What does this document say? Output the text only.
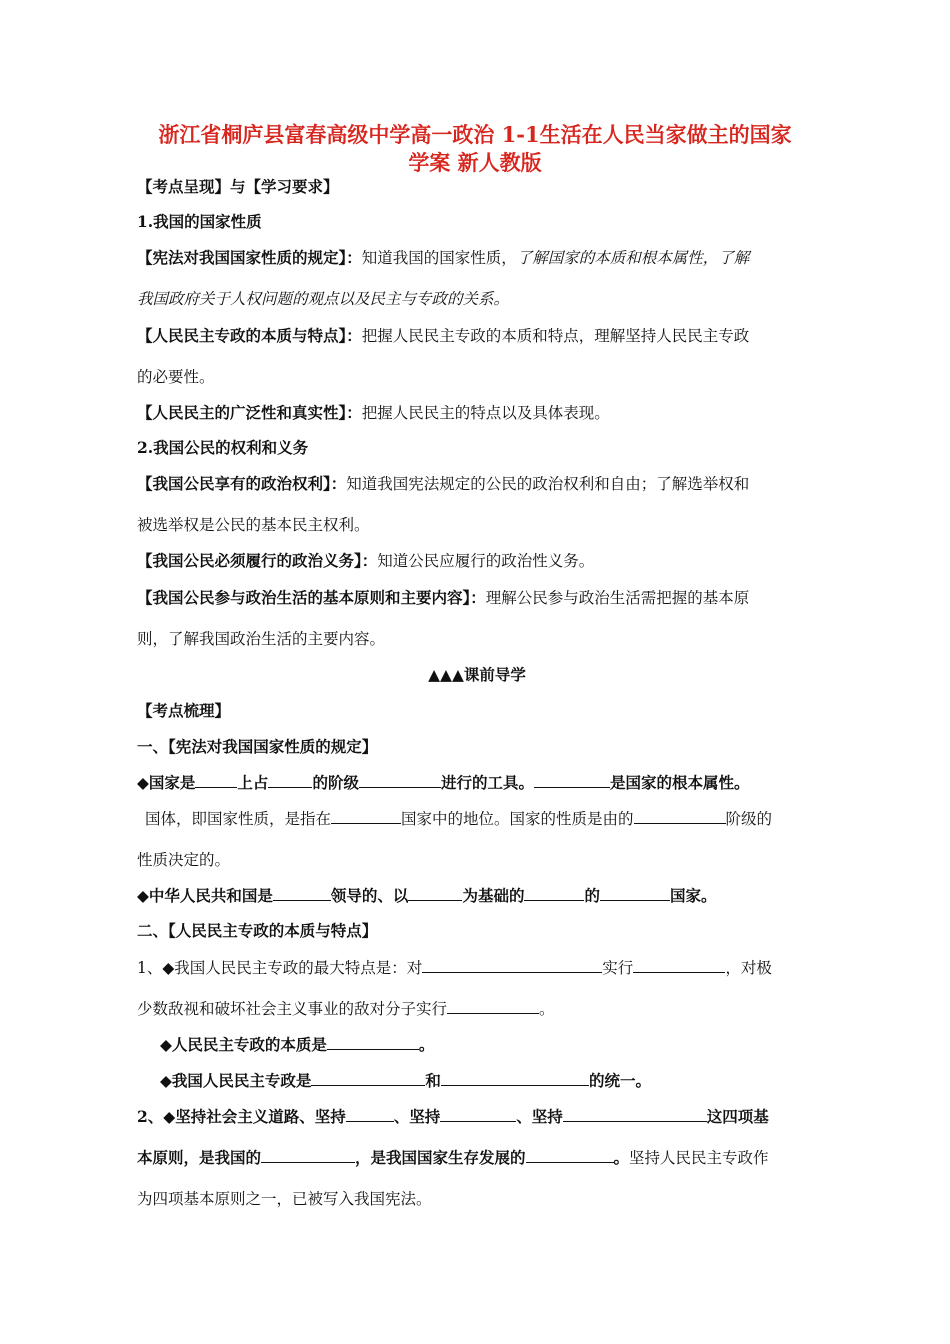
浙江省桐庐县富春高级中学高一政治 1-1生活在人民当家做主的国家
学案 新人教版
【考点呈现】与【学习要求】
1.我国的国家性质
【宪法对我国国家性质的规定】：知道我国的国家性质，了解国家的本质和根本属性，了解
我国政府关于人权问题的观点以及民主与专政的关系。
【人民民主专政的本质与特点】：把握人民民主专政的本质和特点，理解坚持人民民主专政
的必要性。
【人民民主的广泛性和真实性】：把握人民民主的特点以及具体表现。
2.我国公民的权利和义务
【我国公民享有的政治权利】：知道我国宪法规定的公民的政治权利和自由；了解选举权和
被选举权是公民的基本民主权利。
【我国公民必须履行的政治义务】：知道公民应履行的政治性义务。
【我国公民参与政治生活的基本原则和主要内容】：理解公民参与政治生活需把握的基本原
则，了解我国政治生活的主要内容。
▲▲▲课前导学
【考点梳理】
一、【宪法对我国国家性质的规定】
◆国家是	上占	的阶级	进行的工具。	是国家的根本属性。
国体，即国家性质，是指在	国家中的地位。国家的性质是由的	阶级的
性质决定的。
◆中华人民共和国是	领导的、以	为基础的	的	国家。
二、【人民民主专政的本质与特点】
1、◆我国人民民主专政的最大特点是：对	实行	，对极
少数敌视和破坏社会主义事业的敌对分子实行	。
◆人民民主专政的本质是	。
◆我国人民民主专政是	和	的统一。
2、◆坚持社会主义道路、坚持	、坚持	、坚持	这四项基
本原则，是我国的	，是我国国家生存发展的	。坚持人民民主专政作
为四项基本原则之一，已被写入我国宪法。
